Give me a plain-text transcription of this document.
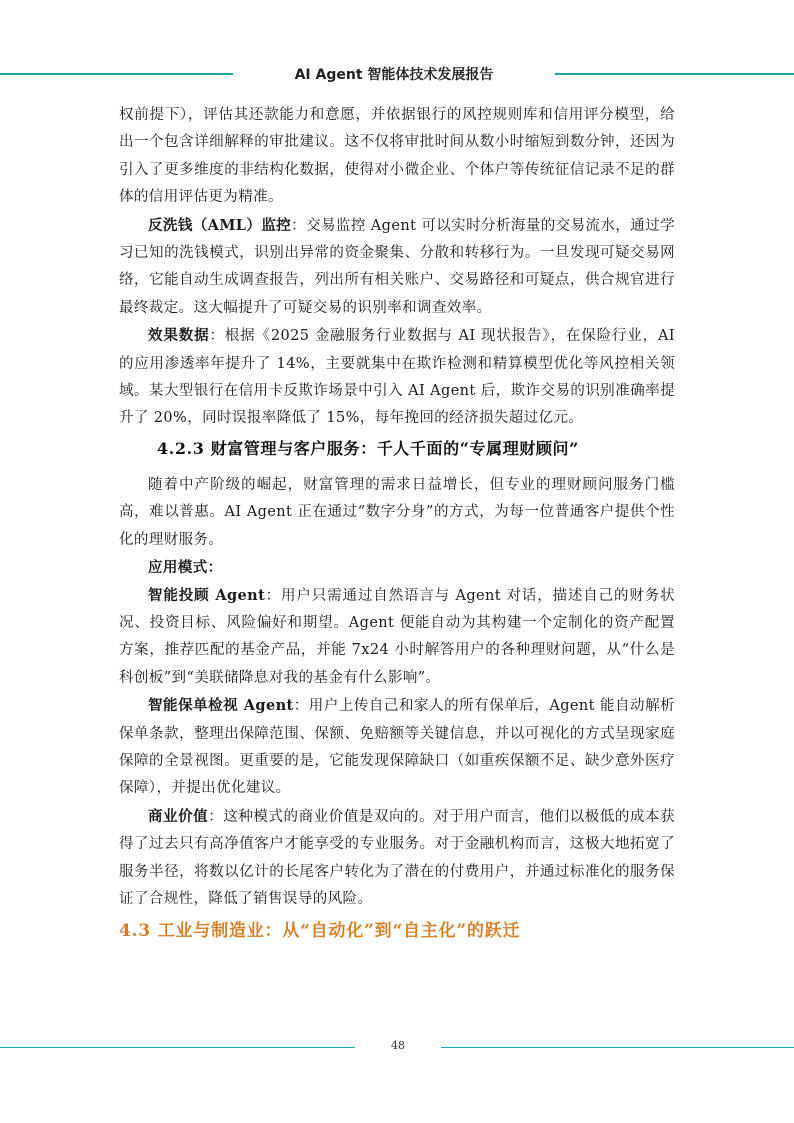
AI Agent 智能体技术发展报告

权前提下），评估其还款能力和意愿，并依据银行的风控规则库和信用评分模型，给出一个包含详细解释的审批建议。这不仅将审批时间从数小时缩短到数分钟，还因为引入了更多维度的非结构化数据，使得对小微企业、个体户等传统征信记录不足的群体的信用评估更为精准。

反洗钱（AML）监控：交易监控 Agent 可以实时分析海量的交易流水，通过学习已知的洗钱模式，识别出异常的资金聚集、分散和转移行为。一旦发现可疑交易网络，它能自动生成调查报告，列出所有相关账户、交易路径和可疑点，供合规官进行最终裁定。这大幅提升了可疑交易的识别率和调查效率。

效果数据：根据《2025 金融服务行业数据与 AI 现状报告》，在保险行业，AI 的应用渗透率年提升了 14%，主要就集中在欺诈检测和精算模型优化等风控相关领域。某大型银行在信用卡反欺诈场景中引入 AI Agent 后，欺诈交易的识别准确率提升了 20%，同时误报率降低了 15%，每年挽回的经济损失超过亿元。

4.2.3 财富管理与客户服务：千人千面的“专属理财顾问”

随着中产阶级的崛起，财富管理的需求日益增长，但专业的理财顾问服务门槛高，难以普惠。AI Agent 正在通过“数字分身”的方式，为每一位普通客户提供个性化的理财服务。

应用模式：

智能投顾 Agent：用户只需通过自然语言与 Agent 对话，描述自己的财务状况、投资目标、风险偏好和期望。Agent 便能自动为其构建一个定制化的资产配置方案，推荐匹配的基金产品，并能 7x24 小时解答用户的各种理财问题，从“什么是科创板”到“美联储降息对我的基金有什么影响”。

智能保单检视 Agent：用户上传自己和家人的所有保单后，Agent 能自动解析保单条款，整理出保障范围、保额、免赔额等关键信息，并以可视化的方式呈现家庭保障的全景视图。更重要的是，它能发现保障缺口（如重疾保额不足、缺少意外医疗保障），并提出优化建议。

商业价值：这种模式的商业价值是双向的。对于用户而言，他们以极低的成本获得了过去只有高净值客户才能享受的专业服务。对于金融机构而言，这极大地拓宽了服务半径，将数以亿计的长尾客户转化为了潜在的付费用户，并通过标准化的服务保证了合规性，降低了销售误导的风险。

4.3 工业与制造业：从“自动化”到“自主化”的跃迁
48
